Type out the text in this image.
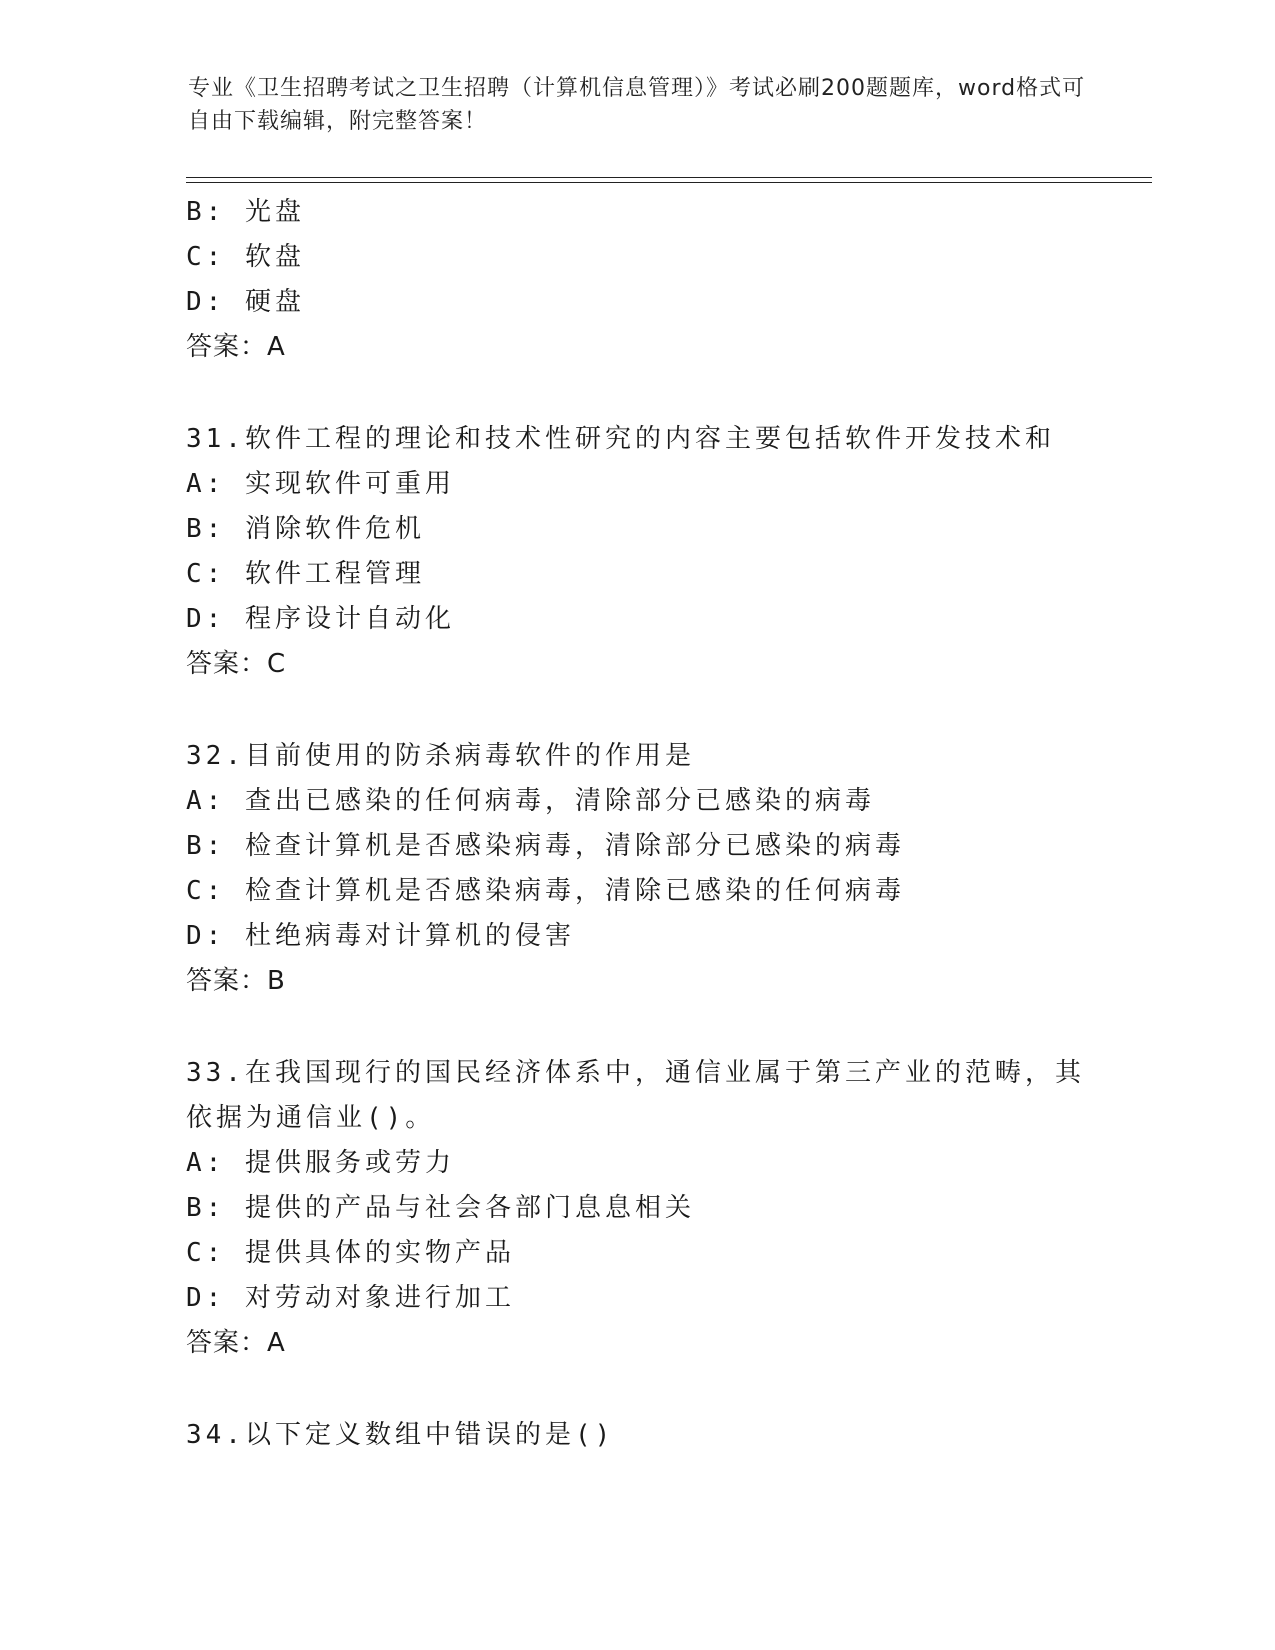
专业《卫生招聘考试之卫生招聘（计算机信息管理）》考试必刷200题题库，word格式可自由下载编辑，附完整答案！
B: 光盘
C: 软盘
D: 硬盘
答案：A
31.软件工程的理论和技术性研究的内容主要包括软件开发技术和
A: 实现软件可重用
B: 消除软件危机
C: 软件工程管理
D: 程序设计自动化
答案：C
32.目前使用的防杀病毒软件的作用是
A: 查出已感染的任何病毒，清除部分已感染的病毒
B: 检查计算机是否感染病毒，清除部分已感染的病毒
C: 检查计算机是否感染病毒，清除已感染的任何病毒
D: 杜绝病毒对计算机的侵害
答案：B
33.在我国现行的国民经济体系中，通信业属于第三产业的范畴，其依据为通信业()。
A: 提供服务或劳力
B: 提供的产品与社会各部门息息相关
C: 提供具体的实物产品
D: 对劳动对象进行加工
答案：A
34.以下定义数组中错误的是()
